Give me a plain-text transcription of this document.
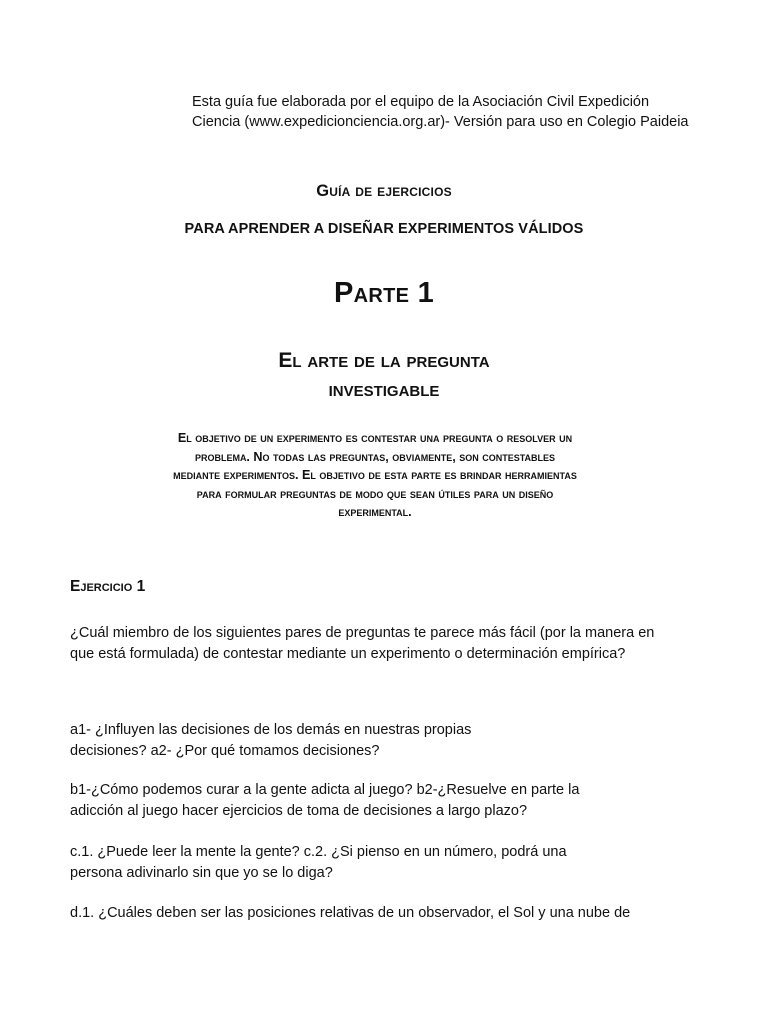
Esta guía fue elaborada por el equipo de la Asociación Civil Expedición Ciencia (www.expedicionciencia.org.ar)- Versión para uso en Colegio Paideia
Guía de ejercicios
PARA APRENDER A DISEÑAR EXPERIMENTOS VÁLIDOS
Parte 1
El arte de la pregunta
investigable
El objetivo de un experimento es contestar una pregunta o resolver un problema. No todas las preguntas, obviamente, son contestables mediante experimentos. El objetivo de esta parte es brindar herramientas para formular preguntas de modo que sean útiles para un diseño experimental.
Ejercicio 1
¿Cuál miembro de los siguientes pares de preguntas te parece más fácil (por la manera en que está formulada) de contestar mediante un experimento o determinación empírica?
a1- ¿Influyen las decisiones de los demás en nuestras propias decisiones? a2- ¿Por qué tomamos decisiones?
b1-¿Cómo podemos curar a la gente adicta al juego? b2-¿Resuelve en parte la adicción al juego hacer ejercicios de toma de decisiones a largo plazo?
c.1. ¿Puede leer la mente la gente? c.2. ¿Si pienso en un número, podrá una persona adivinarlo sin que yo se lo diga?
d.1. ¿Cuáles deben ser las posiciones relativas de un observador, el Sol y una nube de
